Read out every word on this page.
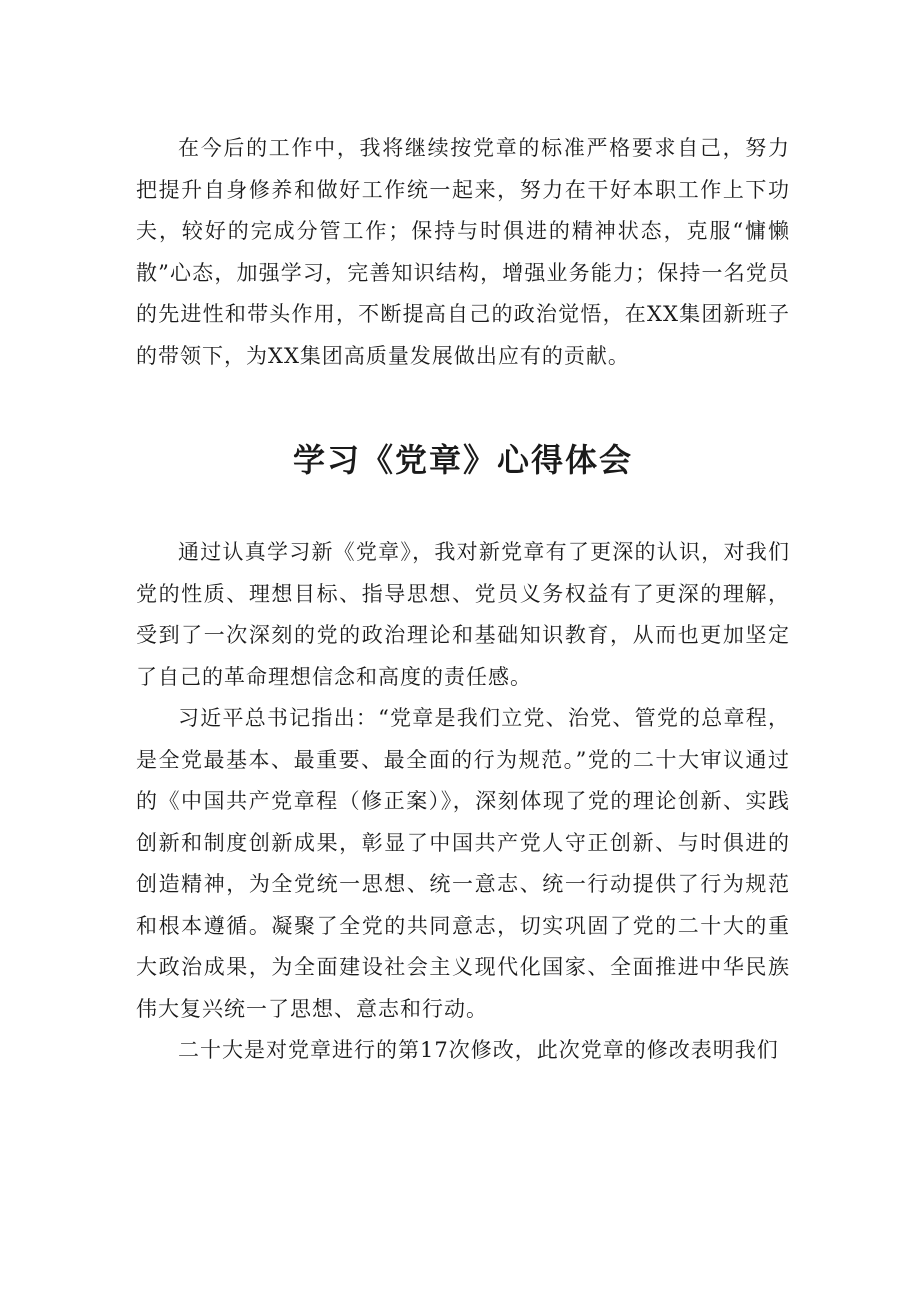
在今后的工作中，我将继续按党章的标准严格要求自己，努力把提升自身修养和做好工作统一起来，努力在干好本职工作上下功夫，较好的完成分管工作；保持与时俱进的精神状态，克服“慵懒散”心态，加强学习，完善知识结构，增强业务能力；保持一名党员的先进性和带头作用，不断提高自己的政治觉悟，在XX集团新班子的带领下，为XX集团高质量发展做出应有的贡献。

学习《党章》心得体会

通过认真学习新《党章》，我对新党章有了更深的认识，对我们党的性质、理想目标、指导思想、党员义务权益有了更深的理解，受到了一次深刻的党的政治理论和基础知识教育，从而也更加坚定了自己的革命理想信念和高度的责任感。

习近平总书记指出：“党章是我们立党、治党、管党的总章程，是全党最基本、最重要、最全面的行为规范。”党的二十大审议通过的《中国共产党章程（修正案）》，深刻体现了党的理论创新、实践创新和制度创新成果，彰显了中国共产党人守正创新、与时俱进的创造精神，为全党统一思想、统一意志、统一行动提供了行为规范和根本遵循。凝聚了全党的共同意志，切实巩固了党的二十大的重大政治成果，为全面建设社会主义现代化国家、全面推进中华民族伟大复兴统一了思想、意志和行动。

二十大是对党章进行的第17次修改，此次党章的修改表明我们
